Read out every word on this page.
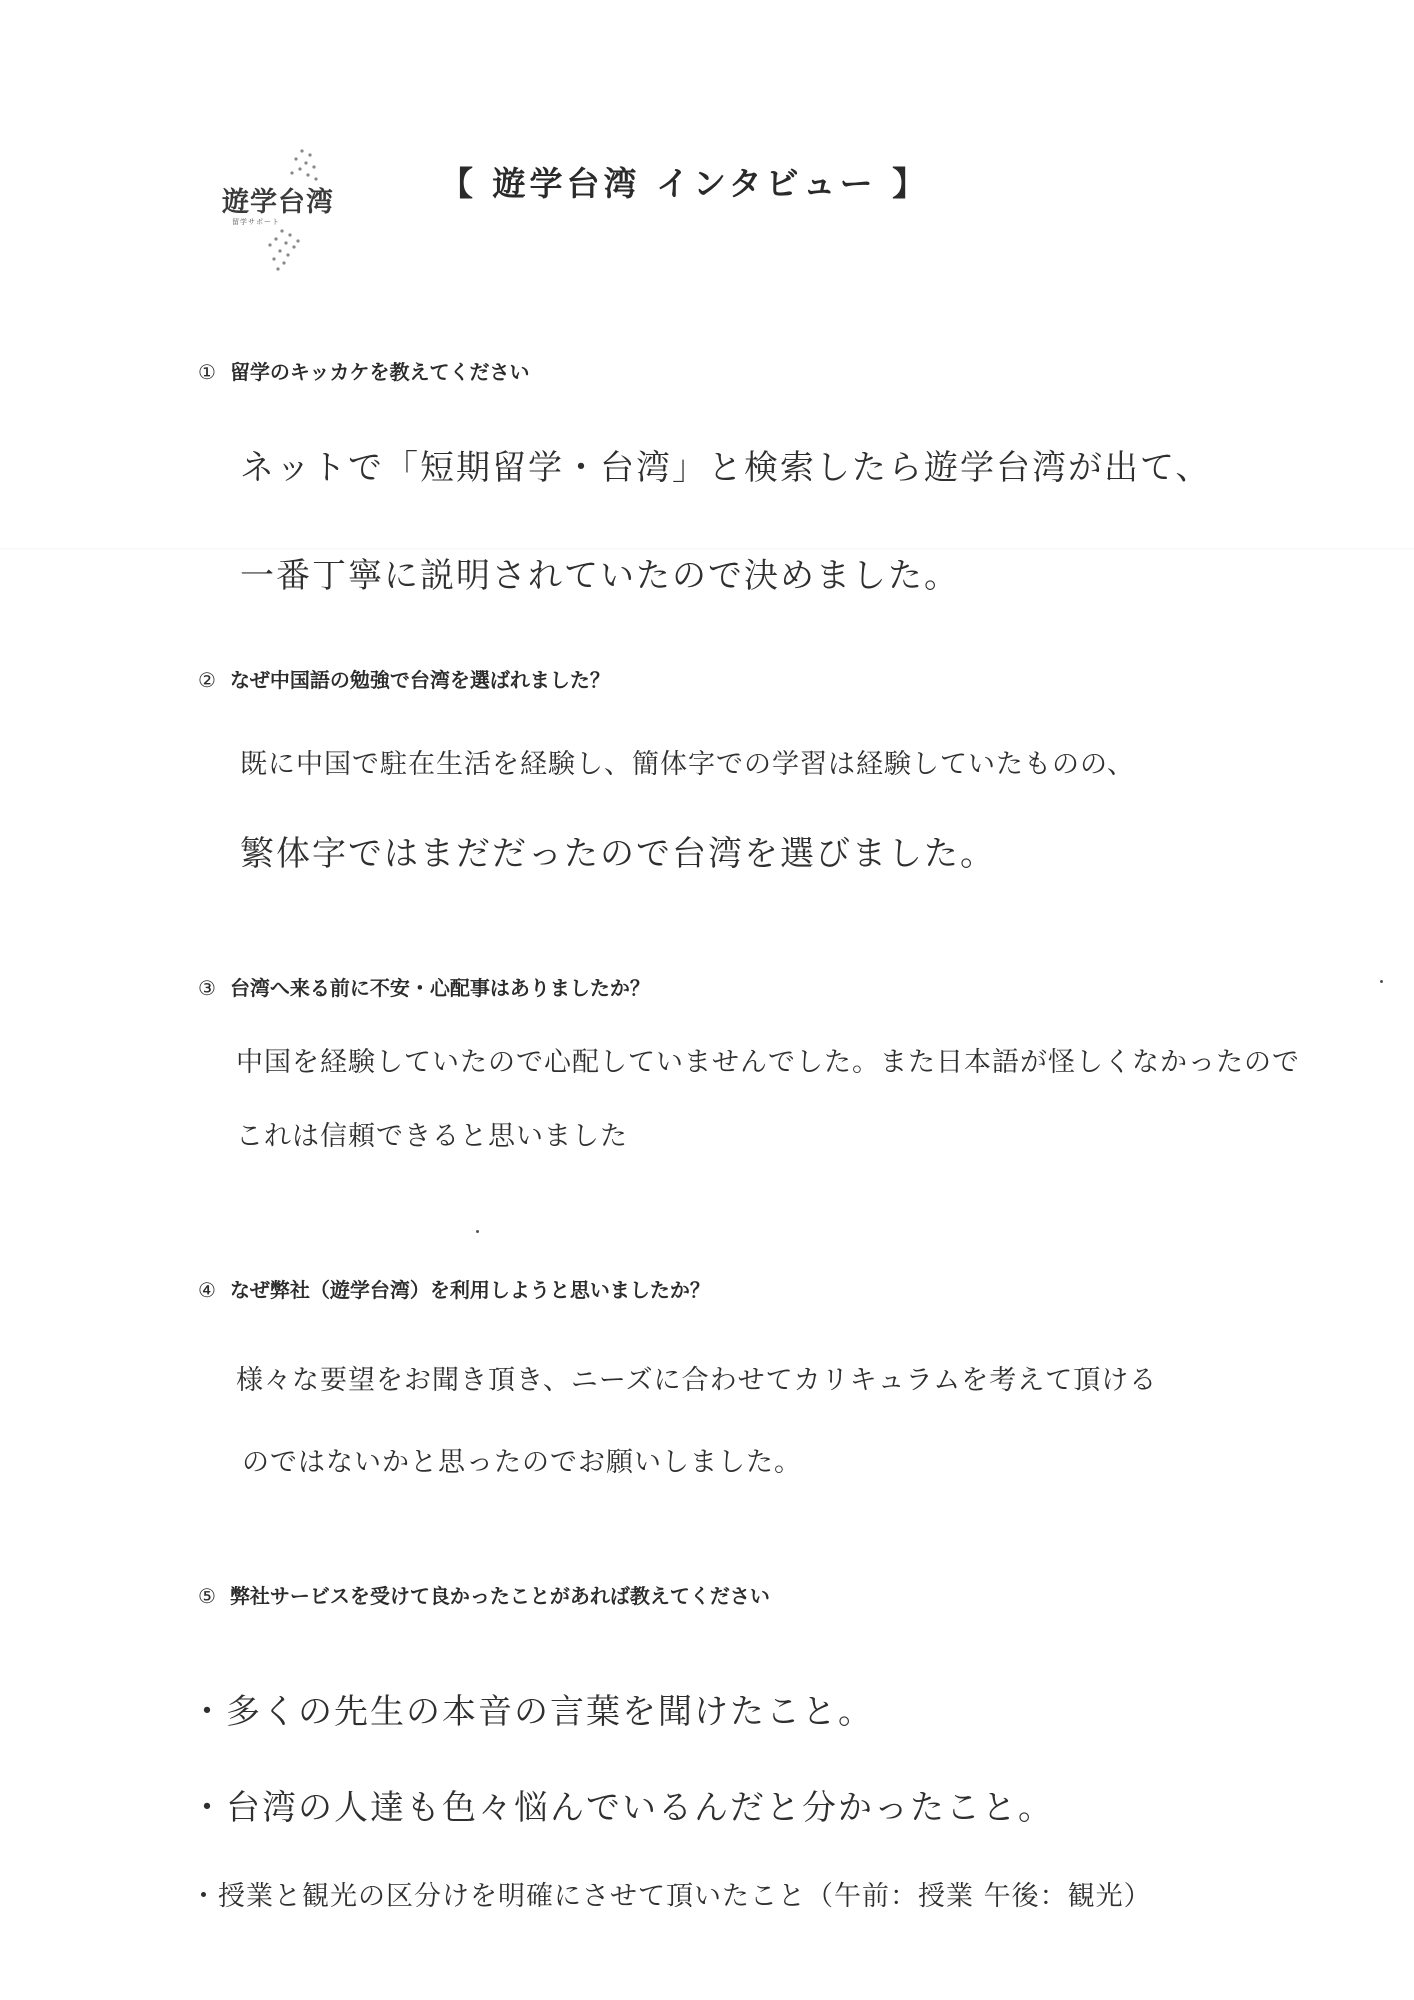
遊学台湾
留学サポート
【 遊学台湾 インタビュー 】
① 留学のキッカケを教えてください
ネットで「短期留学・台湾」と検索したら遊学台湾が出て、
一番丁寧に説明されていたので決めました。
② なぜ中国語の勉強で台湾を選ばれました？
既に中国で駐在生活を経験し、簡体字での学習は経験していたものの、
繁体字ではまだだったので台湾を選びました。
③ 台湾へ来る前に不安・心配事はありましたか？
中国を経験していたので心配していませんでした。また日本語が怪しくなかったので
これは信頼できると思いました
④ なぜ弊社（遊学台湾）を利用しようと思いましたか？
様々な要望をお聞き頂き、ニーズに合わせてカリキュラムを考えて頂ける
のではないかと思ったのでお願いしました。
⑤ 弊社サービスを受けて良かったことがあれば教えてください
・多くの先生の本音の言葉を聞けたこと。
・台湾の人達も色々悩んでいるんだと分かったこと。
・授業と観光の区分けを明確にさせて頂いたこと（午前：授業 午後：観光）
